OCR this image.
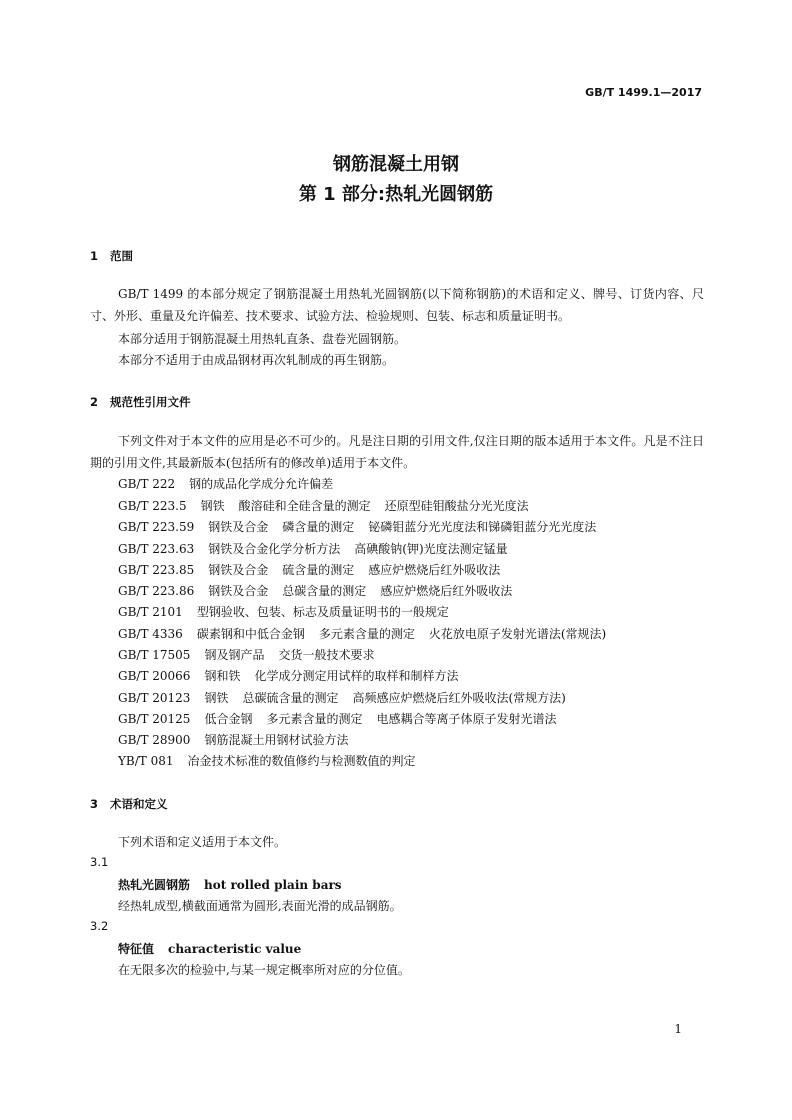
GB/T 1499.1—2017
钢筋混凝土用钢
第 1 部分:热轧光圆钢筋
1 范围
GB/T 1499 的本部分规定了钢筋混凝土用热轧光圆钢筋(以下简称钢筋)的术语和定义、牌号、订货内容、尺寸、外形、重量及允许偏差、技术要求、试验方法、检验规则、包装、标志和质量证明书。
本部分适用于钢筋混凝土用热轧直条、盘卷光圆钢筋。
本部分不适用于由成品钢材再次轧制成的再生钢筋。
2 规范性引用文件
下列文件对于本文件的应用是必不可少的。凡是注日期的引用文件,仅注日期的版本适用于本文件。凡是不注日期的引用文件,其最新版本(包括所有的修改单)适用于本文件。
GB/T 222 钢的成品化学成分允许偏差
GB/T 223.5 钢铁 酸溶硅和全硅含量的测定 还原型硅钼酸盐分光光度法
GB/T 223.59 钢铁及合金 磷含量的测定 铋磷钼蓝分光光度法和锑磷钼蓝分光光度法
GB/T 223.63 钢铁及合金化学分析方法 高碘酸钠(钾)光度法测定锰量
GB/T 223.85 钢铁及合金 硫含量的测定 感应炉燃烧后红外吸收法
GB/T 223.86 钢铁及合金 总碳含量的测定 感应炉燃烧后红外吸收法
GB/T 2101 型钢验收、包装、标志及质量证明书的一般规定
GB/T 4336 碳素钢和中低合金钢 多元素含量的测定 火花放电原子发射光谱法(常规法)
GB/T 17505 钢及钢产品 交货一般技术要求
GB/T 20066 钢和铁 化学成分测定用试样的取样和制样方法
GB/T 20123 钢铁 总碳硫含量的测定 高频感应炉燃烧后红外吸收法(常规方法)
GB/T 20125 低合金钢 多元素含量的测定 电感耦合等离子体原子发射光谱法
GB/T 28900 钢筋混凝土用钢材试验方法
YB/T 081 冶金技术标准的数值修约与检测数值的判定
3 术语和定义
下列术语和定义适用于本文件。
3.1
热轧光圆钢筋 hot rolled plain bars
经热轧成型,横截面通常为圆形,表面光滑的成品钢筋。
3.2
特征值 characteristic value
在无限多次的检验中,与某一规定概率所对应的分位值。
1
